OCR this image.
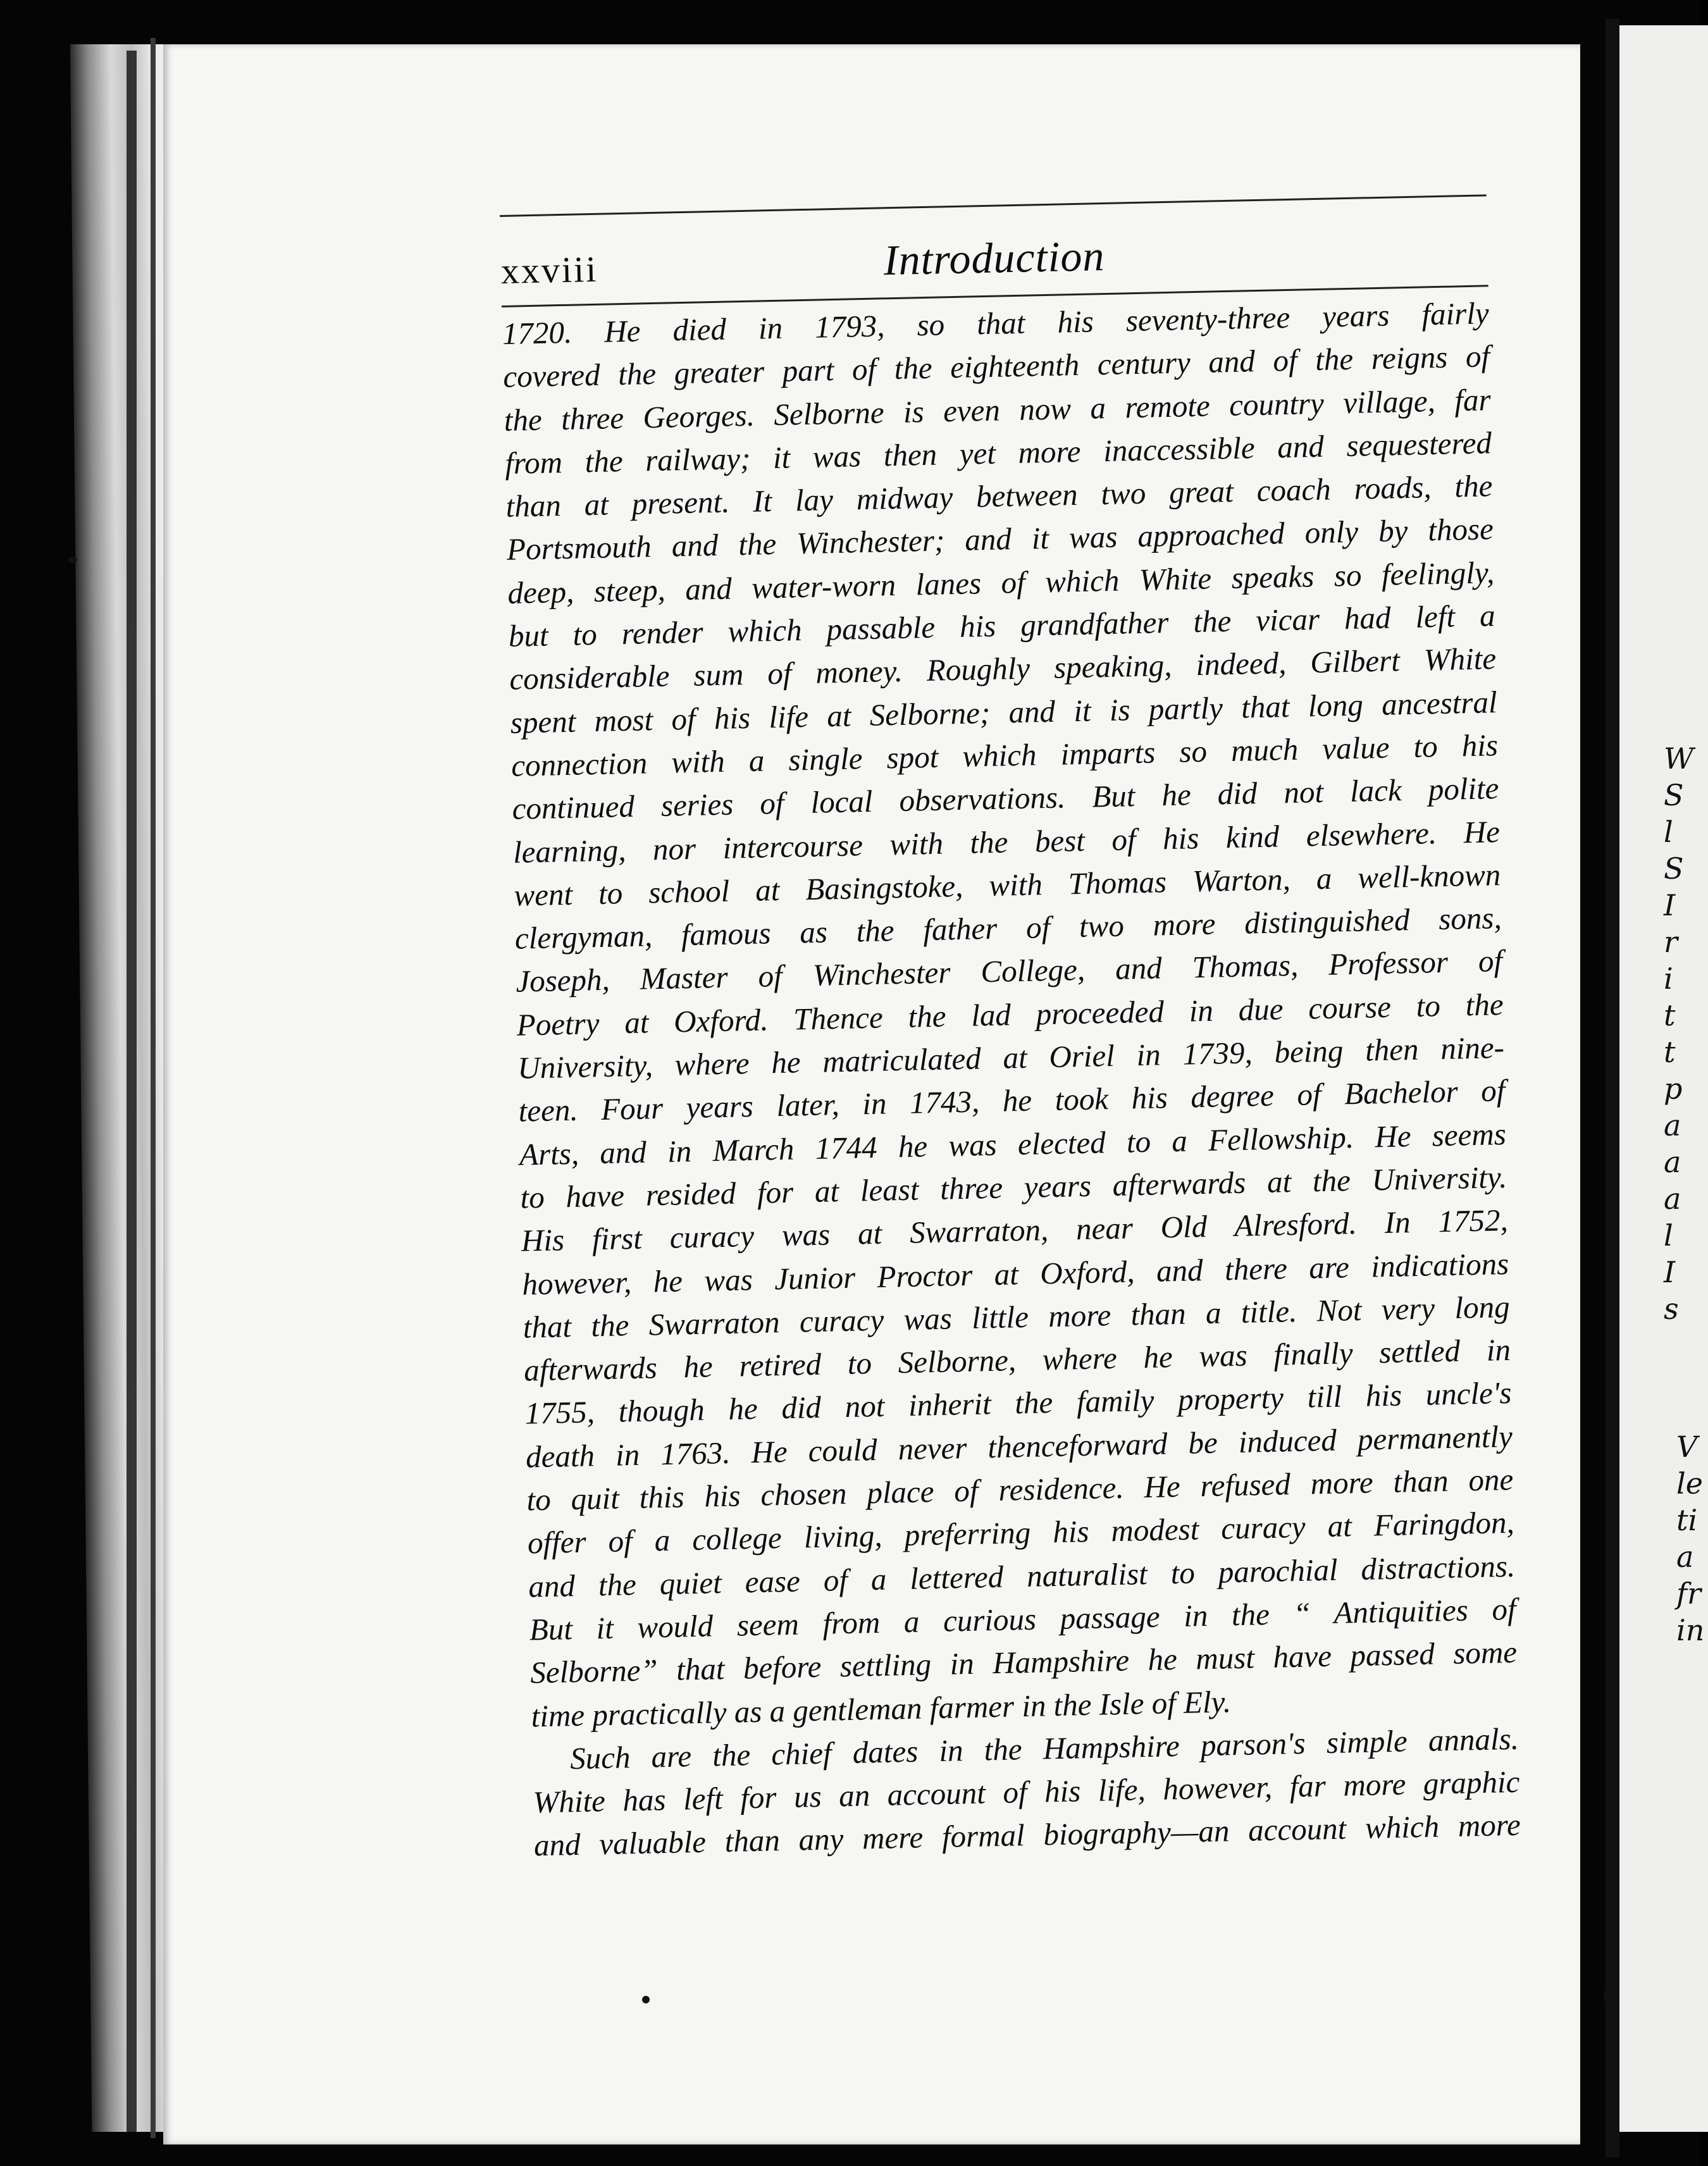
W
S
l
S
I
r
i
t
t
p
a
a
a
l
I
s
V
le
ti
a
fr
in
xxviii	Introduction
1720. He died in 1793, so that his seventy-three years fairly
covered the greater part of the eighteenth century and of the reigns of
the three Georges. Selborne is even now a remote country village, far
from the railway; it was then yet more inaccessible and sequestered
than at present. It lay midway between two great coach roads, the
Portsmouth and the Winchester; and it was approached only by those
deep, steep, and water-worn lanes of which White speaks so feelingly,
but to render which passable his grandfather the vicar had left a
considerable sum of money. Roughly speaking, indeed, Gilbert White
spent most of his life at Selborne; and it is partly that long ancestral
connection with a single spot which imparts so much value to his
continued series of local observations. But he did not lack polite
learning, nor intercourse with the best of his kind elsewhere. He
went to school at Basingstoke, with Thomas Warton, a well-known
clergyman, famous as the father of two more distinguished sons,
Joseph, Master of Winchester College, and Thomas, Professor of
Poetry at Oxford. Thence the lad proceeded in due course to the
University, where he matriculated at Oriel in 1739, being then nine-
teen. Four years later, in 1743, he took his degree of Bachelor of
Arts, and in March 1744 he was elected to a Fellowship. He seems
to have resided for at least three years afterwards at the University.
His first curacy was at Swarraton, near Old Alresford. In 1752,
however, he was Junior Proctor at Oxford, and there are indications
that the Swarraton curacy was little more than a title. Not very long
afterwards he retired to Selborne, where he was finally settled in
1755, though he did not inherit the family property till his uncle's
death in 1763. He could never thenceforward be induced permanently
to quit this his chosen place of residence. He refused more than one
offer of a college living, preferring his modest curacy at Faringdon,
and the quiet ease of a lettered naturalist to parochial distractions.
But it would seem from a curious passage in the “ Antiquities of
Selborne” that before settling in Hampshire he must have passed some
time practically as a gentleman farmer in the Isle of Ely.
Such are the chief dates in the Hampshire parson's simple annals.
White has left for us an account of his life, however, far more graphic
and valuable than any mere formal biography—an account which more
